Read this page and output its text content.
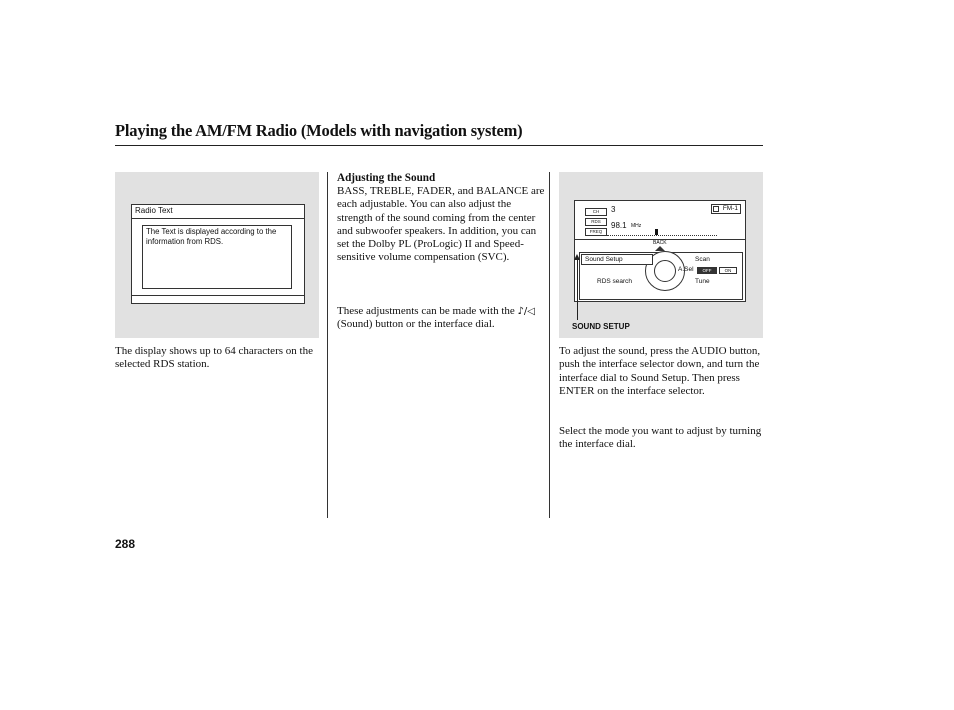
Playing the AM/FM Radio (Models with navigation system)
Radio Text
The Text is displayed according to the information from RDS.
The display shows up to 64 characters on the selected RDS station.
Adjusting the Sound
BASS, TREBLE, FADER, and BALANCE are each adjustable. You can also adjust the strength of the sound coming from the center and subwoofer speakers. In addition, you can set the Dolby PL (ProLogic) II and Speed-sensitive volume compensation (SVC).
These adjustments can be made with the ♪/◁ (Sound) button or the interface dial.
CH
RDS
FREQ
3
98.1 MHz
FM-1
BACK
Sound Setup	Scan
A.Sel	OFF	ON
RDS search	Tune
SOUND SETUP
To adjust the sound, press the AUDIO button, push the interface selector down, and turn the interface dial to Sound Setup. Then press ENTER on the interface selector.
Select the mode you want to adjust by turning the interface dial.
288
